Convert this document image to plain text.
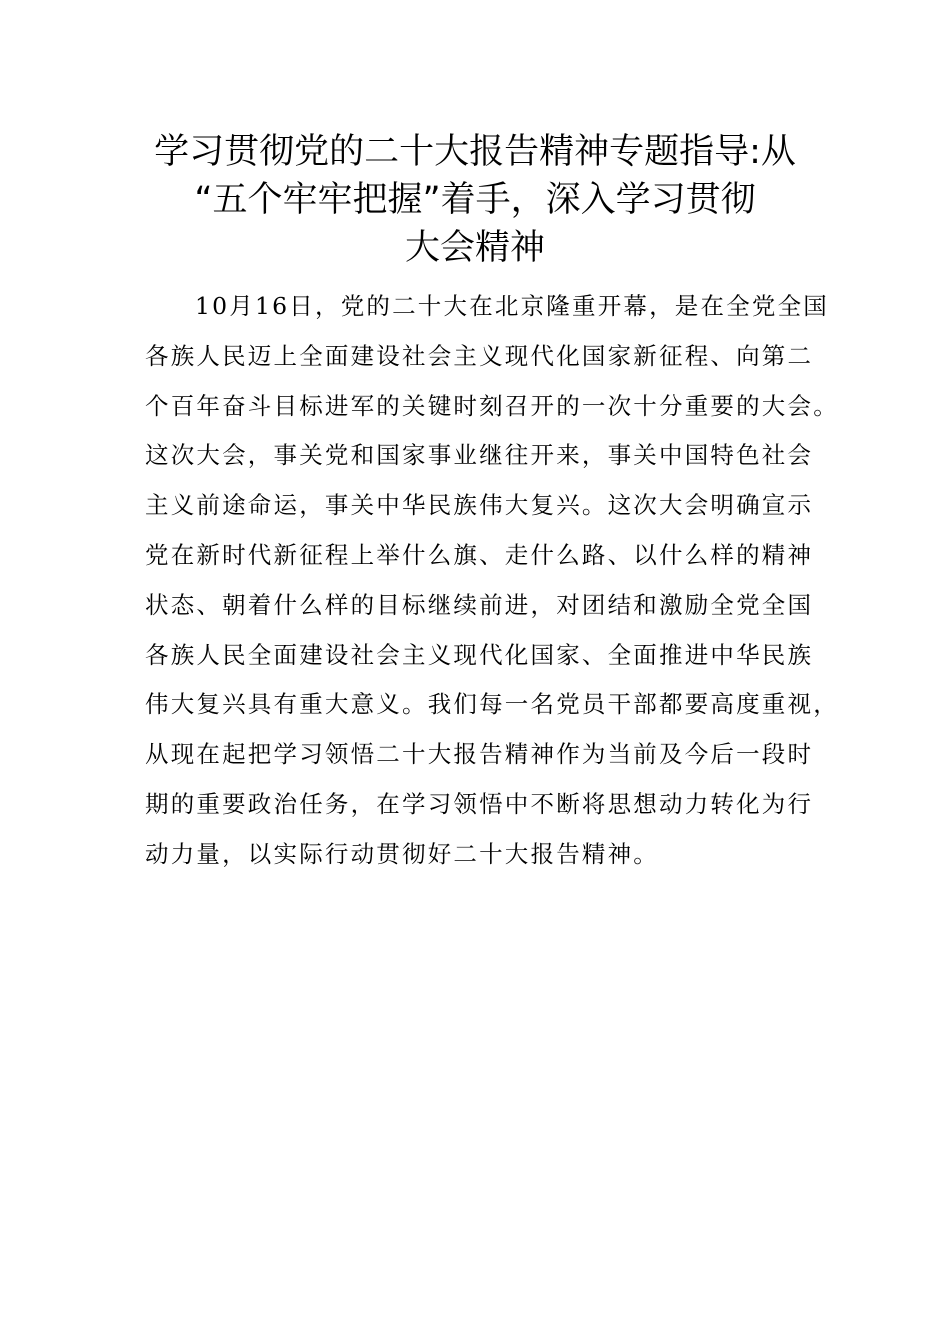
学习贯彻党的二十大报告精神专题指导:从
“五个牢牢把握”着手，深入学习贯彻
大会精神

10月16日，党的二十大在北京隆重开幕，是在全党全国
各族人民迈上全面建设社会主义现代化国家新征程、向第二
个百年奋斗目标进军的关键时刻召开的一次十分重要的大会。
这次大会，事关党和国家事业继往开来，事关中国特色社会
主义前途命运，事关中华民族伟大复兴。这次大会明确宣示
党在新时代新征程上举什么旗、走什么路、以什么样的精神
状态、朝着什么样的目标继续前进，对团结和激励全党全国
各族人民全面建设社会主义现代化国家、全面推进中华民族
伟大复兴具有重大意义。我们每一名党员干部都要高度重视，
从现在起把学习领悟二十大报告精神作为当前及今后一段时
期的重要政治任务，在学习领悟中不断将思想动力转化为行
动力量，以实际行动贯彻好二十大报告精神。
